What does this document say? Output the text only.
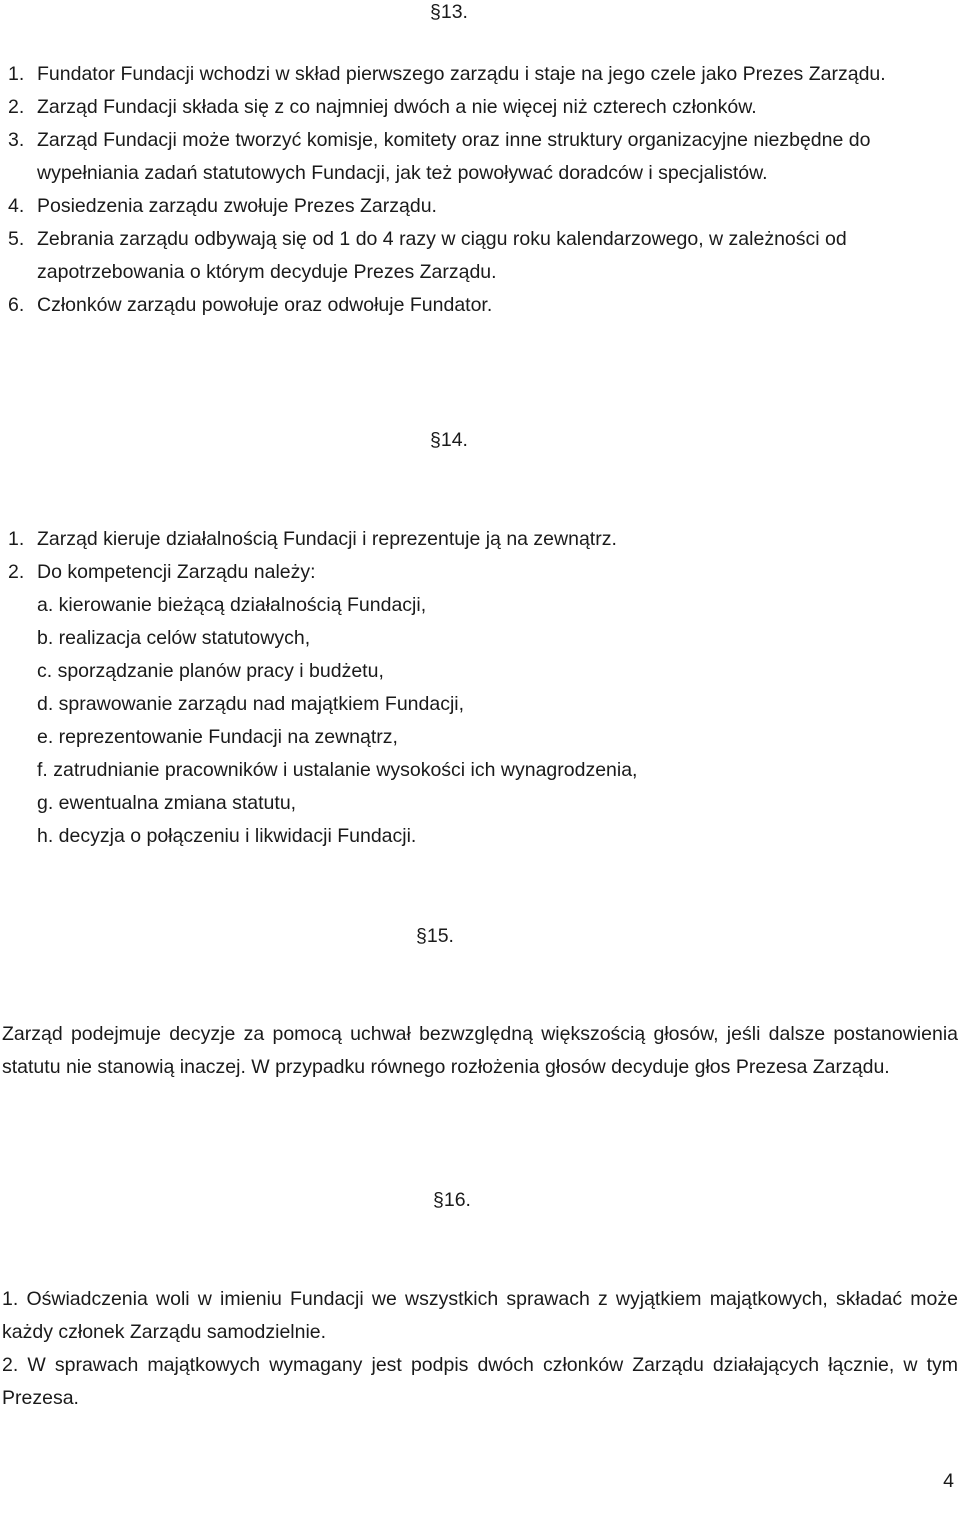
§13.
1. Fundator Fundacji wchodzi w skład pierwszego zarządu i staje na jego czele jako Prezes Zarządu.
2. Zarząd Fundacji składa się z co najmniej dwóch a nie więcej niż czterech członków.
3. Zarząd Fundacji może tworzyć komisje, komitety oraz inne struktury organizacyjne niezbędne do wypełniania zadań statutowych Fundacji, jak też powoływać doradców i specjalistów.
4. Posiedzenia zarządu zwołuje Prezes Zarządu.
5. Zebrania zarządu odbywają się od 1 do 4 razy w ciągu roku kalendarzowego, w zależności od zapotrzebowania o którym decyduje Prezes Zarządu.
6. Członków zarządu powołuje oraz odwołuje Fundator.
§14.
1. Zarząd kieruje działalnością Fundacji i reprezentuje ją na zewnątrz.
2. Do kompetencji Zarządu należy:
a. kierowanie bieżącą działalnością Fundacji,
b. realizacja celów statutowych,
c. sporządzanie planów pracy i budżetu,
d. sprawowanie zarządu nad majątkiem Fundacji,
e. reprezentowanie Fundacji na zewnątrz,
f. zatrudnianie pracowników i ustalanie wysokości ich wynagrodzenia,
g. ewentualna zmiana statutu,
h. decyzja o połączeniu i likwidacji Fundacji.
§15.
Zarząd podejmuje decyzje za pomocą uchwał bezwzględną większością głosów, jeśli dalsze postanowienia statutu nie stanowią inaczej. W przypadku równego rozłożenia głosów decyduje głos Prezesa Zarządu.
§16.
1. Oświadczenia woli w imieniu Fundacji we wszystkich sprawach z wyjątkiem majątkowych, składać może każdy członek Zarządu samodzielnie.
2. W sprawach majątkowych wymagany jest podpis dwóch członków Zarządu działających łącznie, w tym Prezesa.
4
